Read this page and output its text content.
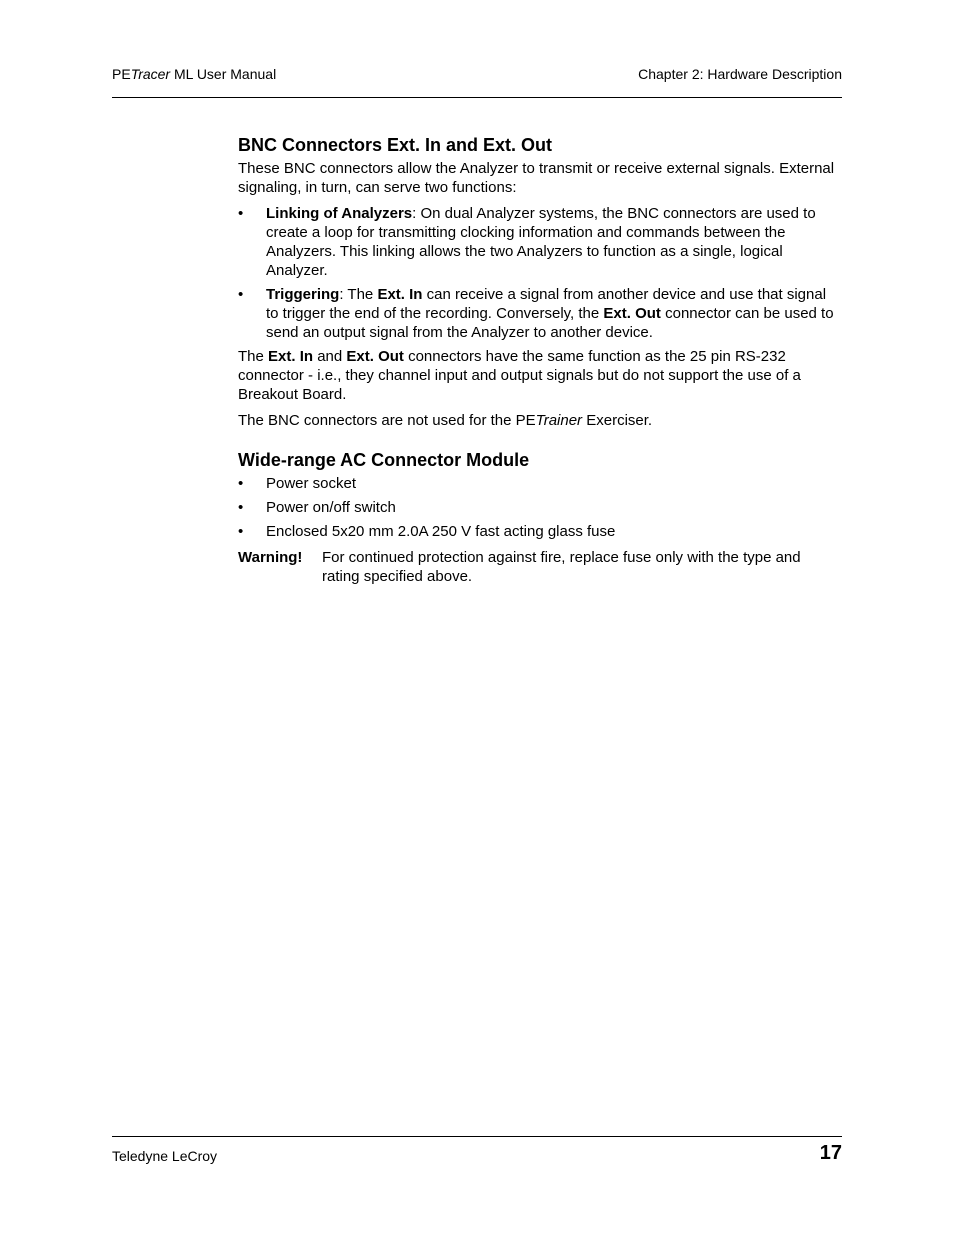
PETracer ML User Manual	Chapter 2: Hardware Description
BNC Connectors Ext. In and Ext. Out

These BNC connectors allow the Analyzer to transmit or receive external signals. External signaling, in turn, can serve two functions:

• Linking of Analyzers: On dual Analyzer systems, the BNC connectors are used to create a loop for transmitting clocking information and commands between the Analyzers. This linking allows the two Analyzers to function as a single, logical Analyzer.
• Triggering: The Ext. In can receive a signal from another device and use that signal to trigger the end of the recording. Conversely, the Ext. Out connector can be used to send an output signal from the Analyzer to another device.

The Ext. In and Ext. Out connectors have the same function as the 25 pin RS-232 connector - i.e., they channel input and output signals but do not support the use of a Breakout Board.

The BNC connectors are not used for the PETrainer Exerciser.

Wide-range AC Connector Module
• Power socket
• Power on/off switch
• Enclosed 5x20 mm 2.0A 250 V fast acting glass fuse
Warning!	For continued protection against fire, replace fuse only with the type and rating specified above.
Teledyne LeCroy	17
